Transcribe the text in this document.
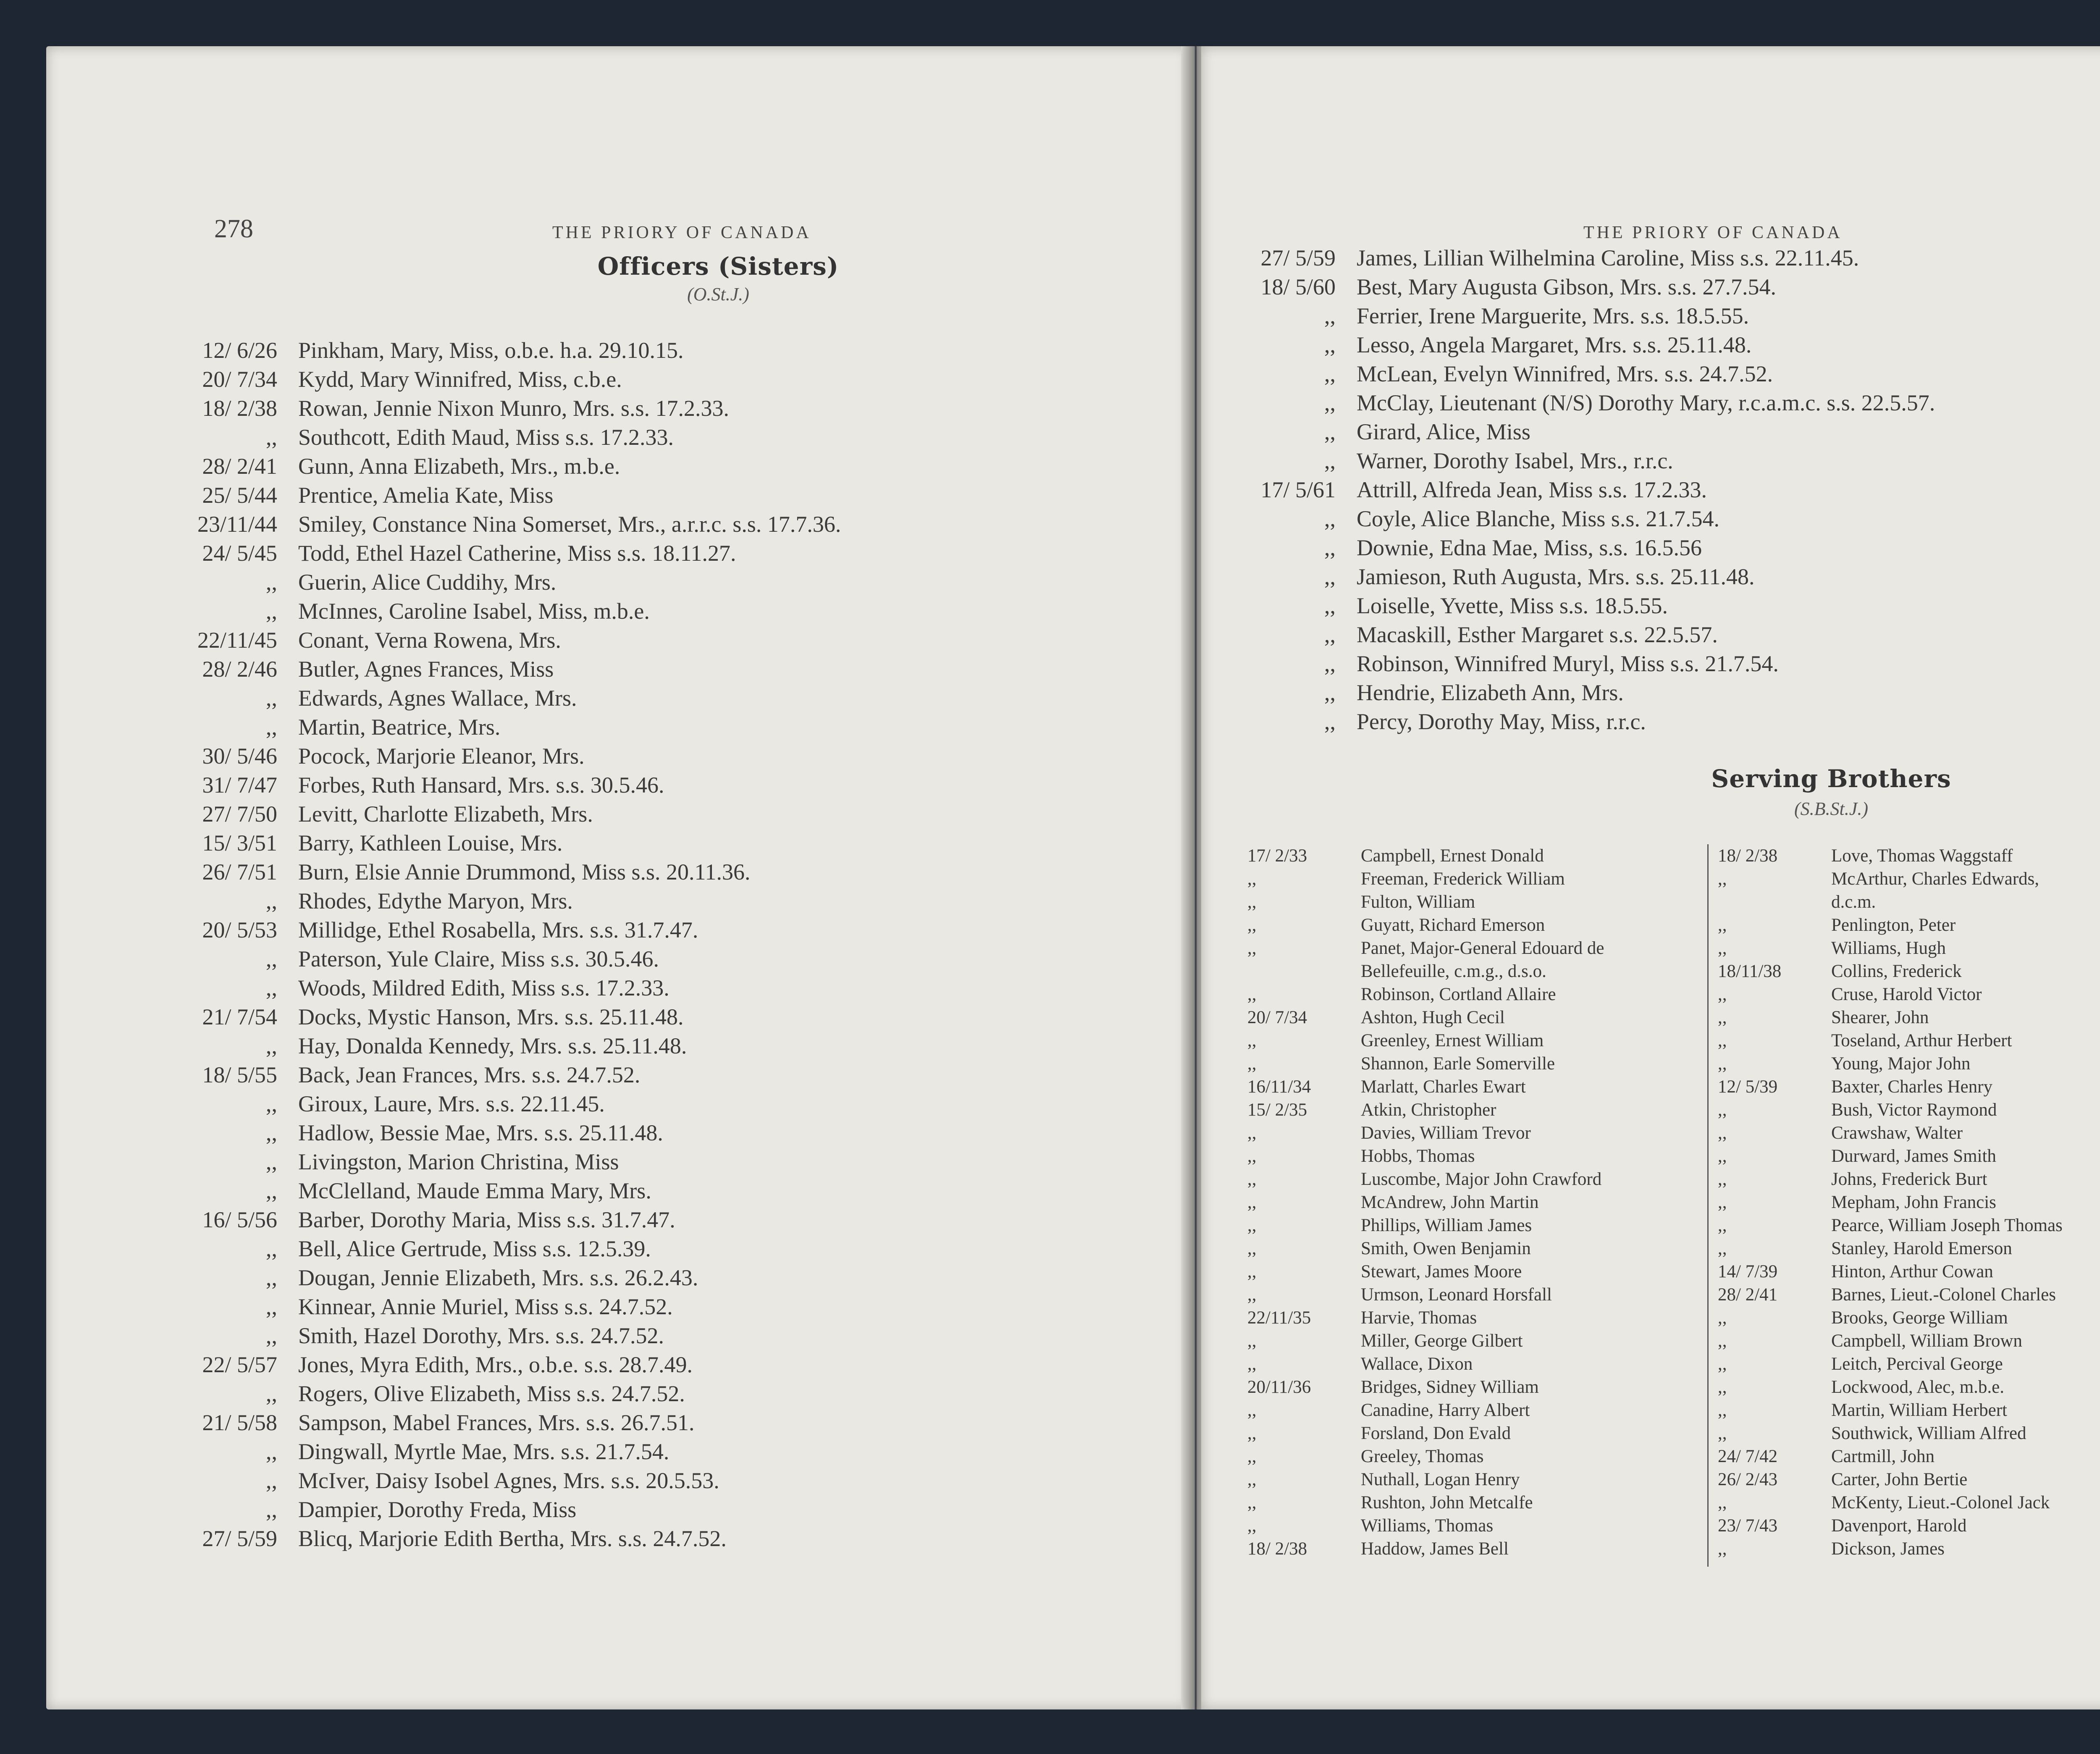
278	THE PRIORY OF CANADA
Officers (Sisters)
(O.St.J.)
12/ 6/26 Pinkham, Mary, Miss, o.b.e. h.a. 29.10.15.
20/ 7/34 Kydd, Mary Winnifred, Miss, c.b.e.
18/ 2/38 Rowan, Jennie Nixon Munro, Mrs. s.s. 17.2.33.
,, Southcott, Edith Maud, Miss s.s. 17.2.33.
28/ 2/41 Gunn, Anna Elizabeth, Mrs., m.b.e.
25/ 5/44 Prentice, Amelia Kate, Miss
23/11/44 Smiley, Constance Nina Somerset, Mrs., a.r.r.c. s.s. 17.7.36.
24/ 5/45 Todd, Ethel Hazel Catherine, Miss s.s. 18.11.27.
,, Guerin, Alice Cuddihy, Mrs.
,, McInnes, Caroline Isabel, Miss, m.b.e.
22/11/45 Conant, Verna Rowena, Mrs.
28/ 2/46 Butler, Agnes Frances, Miss
,, Edwards, Agnes Wallace, Mrs.
,, Martin, Beatrice, Mrs.
30/ 5/46 Pocock, Marjorie Eleanor, Mrs.
31/ 7/47 Forbes, Ruth Hansard, Mrs. s.s. 30.5.46.
27/ 7/50 Levitt, Charlotte Elizabeth, Mrs.
15/ 3/51 Barry, Kathleen Louise, Mrs.
26/ 7/51 Burn, Elsie Annie Drummond, Miss s.s. 20.11.36.
,, Rhodes, Edythe Maryon, Mrs.
20/ 5/53 Millidge, Ethel Rosabella, Mrs. s.s. 31.7.47.
,, Paterson, Yule Claire, Miss s.s. 30.5.46.
,, Woods, Mildred Edith, Miss s.s. 17.2.33.
21/ 7/54 Docks, Mystic Hanson, Mrs. s.s. 25.11.48.
,, Hay, Donalda Kennedy, Mrs. s.s. 25.11.48.
18/ 5/55 Back, Jean Frances, Mrs. s.s. 24.7.52.
,, Giroux, Laure, Mrs. s.s. 22.11.45.
,, Hadlow, Bessie Mae, Mrs. s.s. 25.11.48.
,, Livingston, Marion Christina, Miss
,, McClelland, Maude Emma Mary, Mrs.
16/ 5/56 Barber, Dorothy Maria, Miss s.s. 31.7.47.
,, Bell, Alice Gertrude, Miss s.s. 12.5.39.
,, Dougan, Jennie Elizabeth, Mrs. s.s. 26.2.43.
,, Kinnear, Annie Muriel, Miss s.s. 24.7.52.
,, Smith, Hazel Dorothy, Mrs. s.s. 24.7.52.
22/ 5/57 Jones, Myra Edith, Mrs., o.b.e. s.s. 28.7.49.
,, Rogers, Olive Elizabeth, Miss s.s. 24.7.52.
21/ 5/58 Sampson, Mabel Frances, Mrs. s.s. 26.7.51.
,, Dingwall, Myrtle Mae, Mrs. s.s. 21.7.54.
,, McIver, Daisy Isobel Agnes, Mrs. s.s. 20.5.53.
,, Dampier, Dorothy Freda, Miss
27/ 5/59 Blicq, Marjorie Edith Bertha, Mrs. s.s. 24.7.52.
THE PRIORY OF CANADA
27/ 5/59 James, Lillian Wilhelmina Caroline, Miss s.s. 22.11.45.
18/ 5/60 Best, Mary Augusta Gibson, Mrs. s.s. 27.7.54.
,, Ferrier, Irene Marguerite, Mrs. s.s. 18.5.55.
,, Lesso, Angela Margaret, Mrs. s.s. 25.11.48.
,, McLean, Evelyn Winnifred, Mrs. s.s. 24.7.52.
,, McClay, Lieutenant (N/S) Dorothy Mary, r.c.a.m.c. s.s. 22.5.57.
,, Girard, Alice, Miss
,, Warner, Dorothy Isabel, Mrs., r.r.c.
17/ 5/61 Attrill, Alfreda Jean, Miss s.s. 17.2.33.
,, Coyle, Alice Blanche, Miss s.s. 21.7.54.
,, Downie, Edna Mae, Miss, s.s. 16.5.56
,, Jamieson, Ruth Augusta, Mrs. s.s. 25.11.48.
,, Loiselle, Yvette, Miss s.s. 18.5.55.
,, Macaskill, Esther Margaret s.s. 22.5.57.
,, Robinson, Winnifred Muryl, Miss s.s. 21.7.54.
,, Hendrie, Elizabeth Ann, Mrs.
,, Percy, Dorothy May, Miss, r.r.c.
Serving Brothers
(S.B.St.J.)
17/ 2/33	Campbell, Ernest Donald
,,	Freeman, Frederick William
,,	Fulton, William
,,	Guyatt, Richard Emerson
,,	Panet, Major-General Edouard de
Bellefeuille, c.m.g., d.s.o.
,,	Robinson, Cortland Allaire
20/ 7/34	Ashton, Hugh Cecil
,,	Greenley, Ernest William
,,	Shannon, Earle Somerville
16/11/34	Marlatt, Charles Ewart
15/ 2/35	Atkin, Christopher
,,	Davies, William Trevor
,,	Hobbs, Thomas
,,	Luscombe, Major John Crawford
,,	McAndrew, John Martin
,,	Phillips, William James
,,	Smith, Owen Benjamin
,,	Stewart, James Moore
,,	Urmson, Leonard Horsfall
22/11/35	Harvie, Thomas
,,	Miller, George Gilbert
,,	Wallace, Dixon
20/11/36	Bridges, Sidney William
,,	Canadine, Harry Albert
,,	Forsland, Don Evald
,,	Greeley, Thomas
,,	Nuthall, Logan Henry
,,	Rushton, John Metcalfe
,,	Williams, Thomas
18/ 2/38	Haddow, James Bell
18/ 2/38	Love, Thomas Waggstaff
,,	McArthur, Charles Edwards,
d.c.m.
,,	Penlington, Peter
,,	Williams, Hugh
18/11/38	Collins, Frederick
,,	Cruse, Harold Victor
,,	Shearer, John
,,	Toseland, Arthur Herbert
,,	Young, Major John
12/ 5/39	Baxter, Charles Henry
,,	Bush, Victor Raymond
,,	Crawshaw, Walter
,,	Durward, James Smith
,,	Johns, Frederick Burt
,,	Mepham, John Francis
,,	Pearce, William Joseph Thomas
,,	Stanley, Harold Emerson
14/ 7/39	Hinton, Arthur Cowan
28/ 2/41	Barnes, Lieut.-Colonel Charles
,,	Brooks, George William
,,	Campbell, William Brown
,,	Leitch, Percival George
,,	Lockwood, Alec, m.b.e.
,,	Martin, William Herbert
,,	Southwick, William Alfred
24/ 7/42	Cartmill, John
26/ 2/43	Carter, John Bertie
,,	McKenty, Lieut.-Colonel Jack
23/ 7/43	Davenport, Harold
,,	Dickson, James
